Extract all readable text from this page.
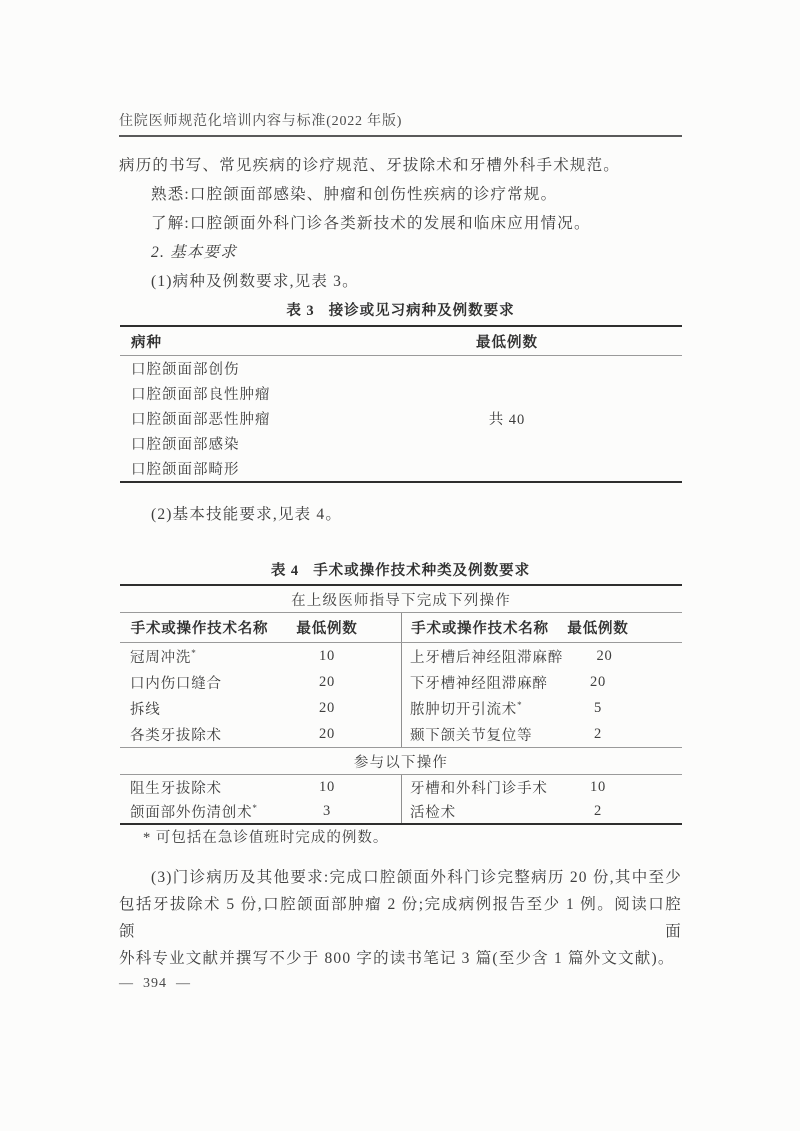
住院医师规范化培训内容与标准(2022 年版)
病历的书写、常见疾病的诊疗规范、牙拔除术和牙槽外科手术规范。
熟悉:口腔颌面部感染、肿瘤和创伤性疾病的诊疗常规。
了解:口腔颌面外科门诊各类新技术的发展和临床应用情况。
2. 基本要求
(1)病种及例数要求,见表 3。
表 3 接诊或见习病种及例数要求
病种	最低例数
口腔颌面部创伤
口腔颌面部良性肿瘤
口腔颌面部恶性肿瘤	共 40
口腔颌面部感染
口腔颌面部畸形
(2)基本技能要求,见表 4。
表 4 手术或操作技术种类及例数要求
在上级医师指导下完成下列操作
手术或操作技术名称	最低例数	手术或操作技术名称	最低例数
冠周冲洗*	10	上牙槽后神经阻滞麻醉	20
口内伤口缝合	20	下牙槽神经阻滞麻醉	20
拆线	20	脓肿切开引流术*	5
各类牙拔除术	20	颞下颌关节复位等	2
参与以下操作
阻生牙拔除术	10	牙槽和外科门诊手术	10
颌面部外伤清创术*	3	活检术	2
* 可包括在急诊值班时完成的例数。
(3)门诊病历及其他要求:完成口腔颌面外科门诊完整病历 20 份,其中至少
包括牙拔除术 5 份,口腔颌面部肿瘤 2 份;完成病例报告至少 1 例。阅读口腔颌面
外科专业文献并撰写不少于 800 字的读书笔记 3 篇(至少含 1 篇外文文献)。
—  394  —
